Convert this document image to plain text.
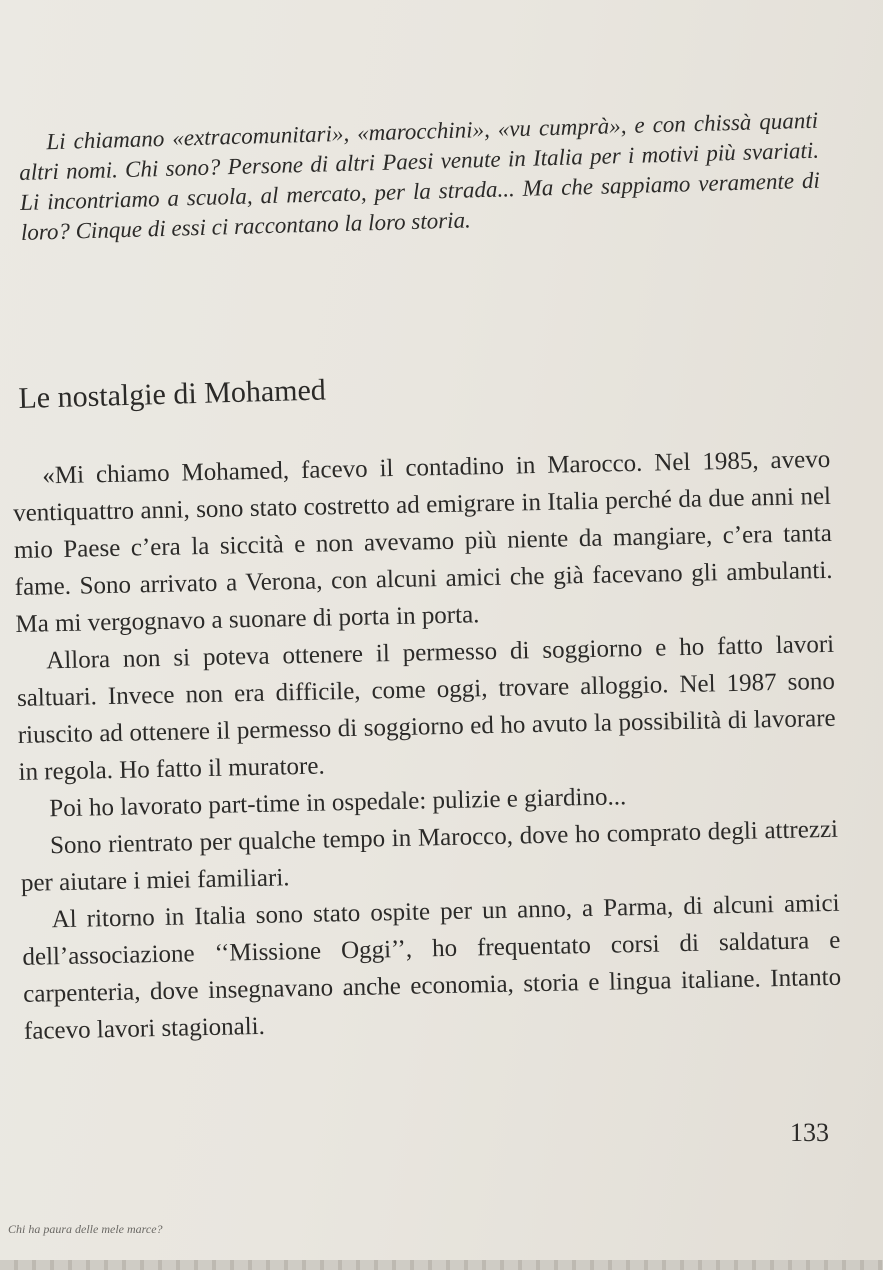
Li chiamano «extracomunitari», «marocchini», «vu cumprà», e con chissà quanti altri nomi. Chi sono? Persone di altri Paesi venute in Italia per i motivi più svariati. Li incontriamo a scuola, al mercato, per la strada... Ma che sappiamo veramente di loro? Cinque di essi ci raccontano la loro storia.

Le nostalgie di Mohamed

«Mi chiamo Mohamed, facevo il contadino in Marocco. Nel 1985, avevo ventiquattro anni, sono stato costretto ad emigrare in Italia perché da due anni nel mio Paese c’era la siccità e non avevamo più niente da mangiare, c’era tanta fame. Sono arrivato a Verona, con alcuni amici che già facevano gli ambulanti. Ma mi vergognavo a suonare di porta in porta.

Allora non si poteva ottenere il permesso di soggiorno e ho fatto lavori saltuari. Invece non era difficile, come oggi, trovare alloggio. Nel 1987 sono riuscito ad ottenere il permesso di soggiorno ed ho avuto la possibilità di lavorare in regola. Ho fatto il muratore.

Poi ho lavorato part-time in ospedale: pulizie e giardino...

Sono rientrato per qualche tempo in Marocco, dove ho comprato degli attrezzi per aiutare i miei familiari.

Al ritorno in Italia sono stato ospite per un anno, a Parma, di alcuni amici dell’associazione ‘‘Missione Oggi’’, ho frequentato corsi di saldatura e carpenteria, dove insegnavano anche economia, storia e lingua italiane. Intanto facevo lavori stagionali.

133
Chi ha paura delle mele marce?
